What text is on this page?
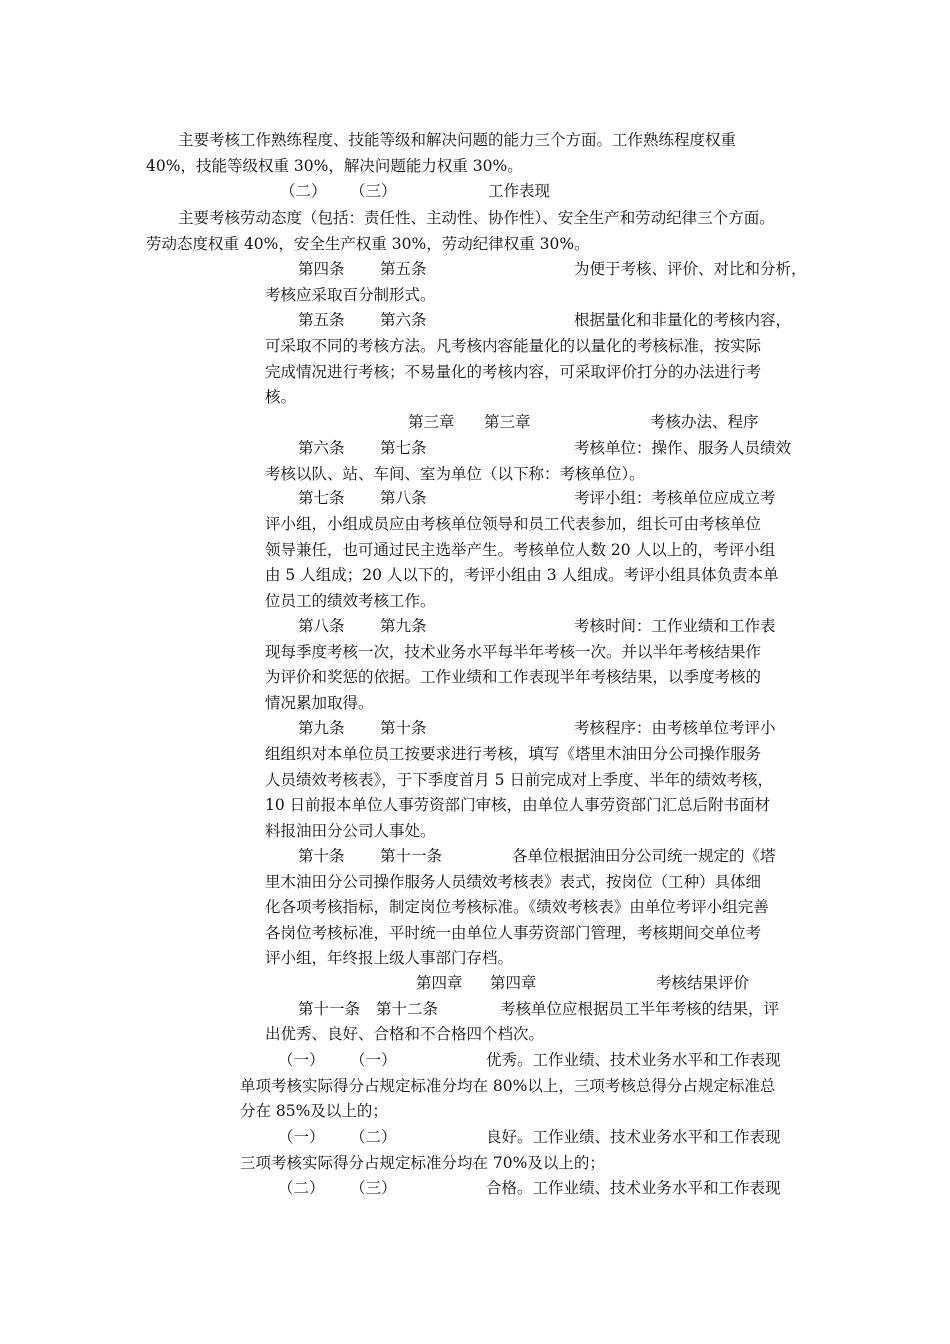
主要考核工作熟练程度、技能等级和解决问题的能力三个方面。工作熟练程度权重
40%，技能等级权重 30%，解决问题能力权重 30%。
（二） （三）	工作表现
主要考核劳动态度（包括：责任性、主动性、协作性）、安全生产和劳动纪律三个方面。
劳动态度权重 40%，安全生产权重 30%，劳动纪律权重 30%。
第四条 第五条	为便于考核、评价、对比和分析，
考核应采取百分制形式。
第五条 第六条	根据量化和非量化的考核内容，
可采取不同的考核方法。凡考核内容能量化的以量化的考核标准，按实际
完成情况进行考核；不易量化的考核内容，可采取评价打分的办法进行考
核。
第三章 第三章	考核办法、程序
第六条 第七条	考核单位：操作、服务人员绩效
考核以队、站、车间、室为单位（以下称：考核单位）。
第七条 第八条	考评小组：考核单位应成立考
评小组，小组成员应由考核单位领导和员工代表参加，组长可由考核单位
领导兼任，也可通过民主选举产生。考核单位人数 20 人以上的，考评小组
由 5 人组成；20 人以下的，考评小组由 3 人组成。考评小组具体负责本单
位员工的绩效考核工作。
第八条 第九条	考核时间：工作业绩和工作表
现每季度考核一次，技术业务水平每半年考核一次。并以半年考核结果作
为评价和奖惩的依据。工作业绩和工作表现半年考核结果，以季度考核的
情况累加取得。
第九条 第十条	考核程序：由考核单位考评小
组组织对本单位员工按要求进行考核，填写《塔里木油田分公司操作服务
人员绩效考核表》，于下季度首月 5 日前完成对上季度、半年的绩效考核，
10 日前报本单位人事劳资部门审核，由单位人事劳资部门汇总后附书面材
料报油田分公司人事处。
第十条 第十一条	各单位根据油田分公司统一规定的《塔
里木油田分公司操作服务人员绩效考核表》表式，按岗位（工种）具体细
化各项考核指标，制定岗位考核标准。《绩效考核表》由单位考评小组完善
各岗位考核标准，平时统一由单位人事劳资部门管理，考核期间交单位考
评小组，年终报上级人事部门存档。
第四章 第四章	考核结果评价
第十一条 第十二条	考核单位应根据员工半年考核的结果，评
出优秀、良好、合格和不合格四个档次。
（一） （一）	优秀。工作业绩、技术业务水平和工作表现
单项考核实际得分占规定标准分均在 80%以上，三项考核总得分占规定标准总
分在 85%及以上的；
（一） （二）	良好。工作业绩、技术业务水平和工作表现
三项考核实际得分占规定标准分均在 70%及以上的；
（二） （三）	合格。工作业绩、技术业务水平和工作表现
